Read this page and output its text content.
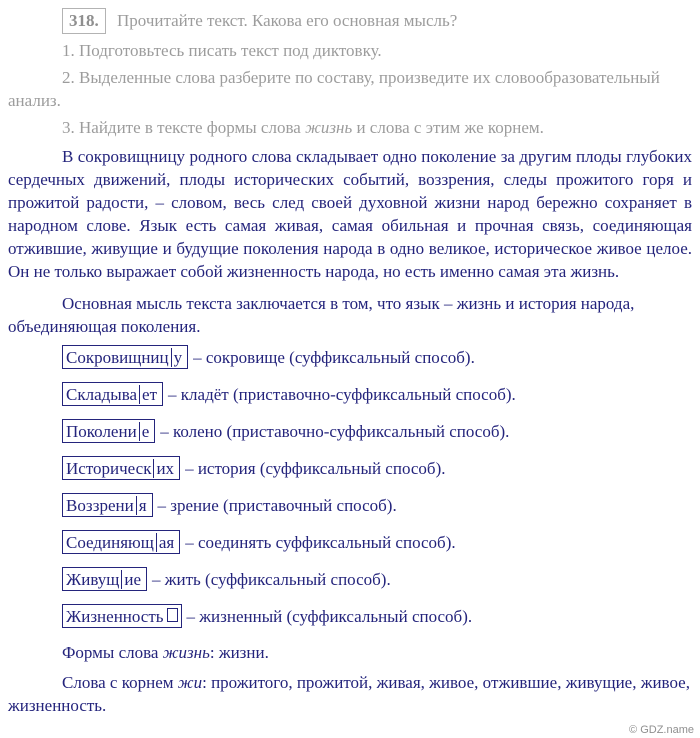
318. Прочитайте текст. Какова его основная мысль?

1. Подготовьтесь писать текст под диктовку.

2. Выделенные слова разберите по составу, произведите их словообразовательный анализ.

3. Найдите в тексте формы слова жизнь и слова с этим же корнем.

В сокровищницу родного слова складывает одно поколение за другим плоды глубоких сердечных движений, плоды исторических событий, воззрения, следы прожитого горя и прожитой радости, – словом, весь след своей духовной жизни народ бережно сохраняет в народном слове. Язык есть самая живая, самая обильная и прочная связь, соединяющая отжившие, живущие и будущие поколения народа в одно великое, историческое живое целое. Он не только выражает собой жизненность народа, но есть именно самая эта жизнь.

Основная мысль текста заключается в том, что язык – жизнь и история народа, объединяющая поколения.

Сокровищниц у – сокровище (суффиксальный способ).

Складыва ет – кладёт (приставочно-суффиксальный способ).

Поколени е – колено (приставочно-суффиксальный способ).

Историческ их – история (суффиксальный способ).

Воззрени я – зрение (приставочный способ).

Соединяющ ая – соединять суффиксальный способ).

Живущ ие – жить (суффиксальный способ).

Жизненность – жизненный (суффиксальный способ).

Формы слова жизнь: жизни.

Слова с корнем жи: прожитого, прожитой, живая, живое, отжившие, живущие, живое, жизненность.

© GDZ.name
